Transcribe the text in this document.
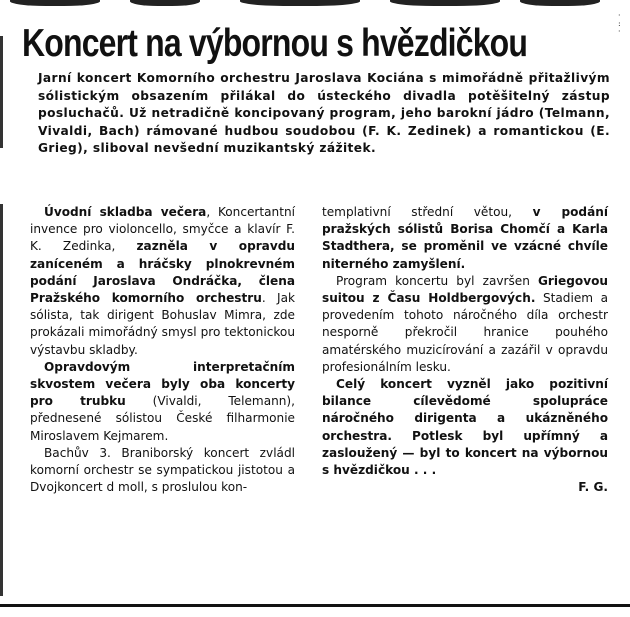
·
:
·
Koncert na výbornou s hvězdičkou

Jarní koncert Komorního orchestru Jaroslava Kociána s mimořádně přitažlivým sólistickým obsazením přilákal do ústeckého divadla potěšitelný zástup posluchačů. Už netradičně koncipovaný program, jeho barokní jádro (Telmann, Vivaldi, Bach) rámované hudbou soudobou (F. K. Zedinek) a romantickou (E. Grieg), sliboval nevšední muzikantský zážitek.

Úvodní skladba večera, Koncertantní invence pro violoncello, smyčce a klavír F. K. Zedinka, zazněla v opravdu zaníceném a hráčsky plnokrevném podání Jaroslava Ondráčka, člena Pražského komorního orchestru. Jak sólista, tak dirigent Bohuslav Mimra, zde prokázali mimořádný smysl pro tektonickou výstavbu skladby.

Opravdovým interpretačním skvostem večera byly oba koncerty pro trubku (Vivaldi, Telemann), přednesené sólistou České filharmonie Miroslavem Kejmarem.

Bachův 3. Braniborský koncert zvládl komorní orchestr se sympatickou jistotou a Dvojkoncert d moll, s proslulou kon-

templativní střední větou, v podání pražských sólistů Borisa Chomčí a Karla Stadthera, se proměnil ve vzácné chvíle niterného zamyšlení.

Program koncertu byl završen Griegovou suitou z Času Holdbergových. Stadiem a provedením tohoto náročného díla orchestr nesporně překročil hranice pouhého amatérského muzicírování a zazářil v opravdu profesionálním lesku.

Celý koncert vyzněl jako pozitivní bilance cílevědomé spolupráce náročného dirigenta a ukázněného orchestra. Potlesk byl upřímný a zasloužený — byl to koncert na výbornou s hvězdičkou . . .

F. G.
